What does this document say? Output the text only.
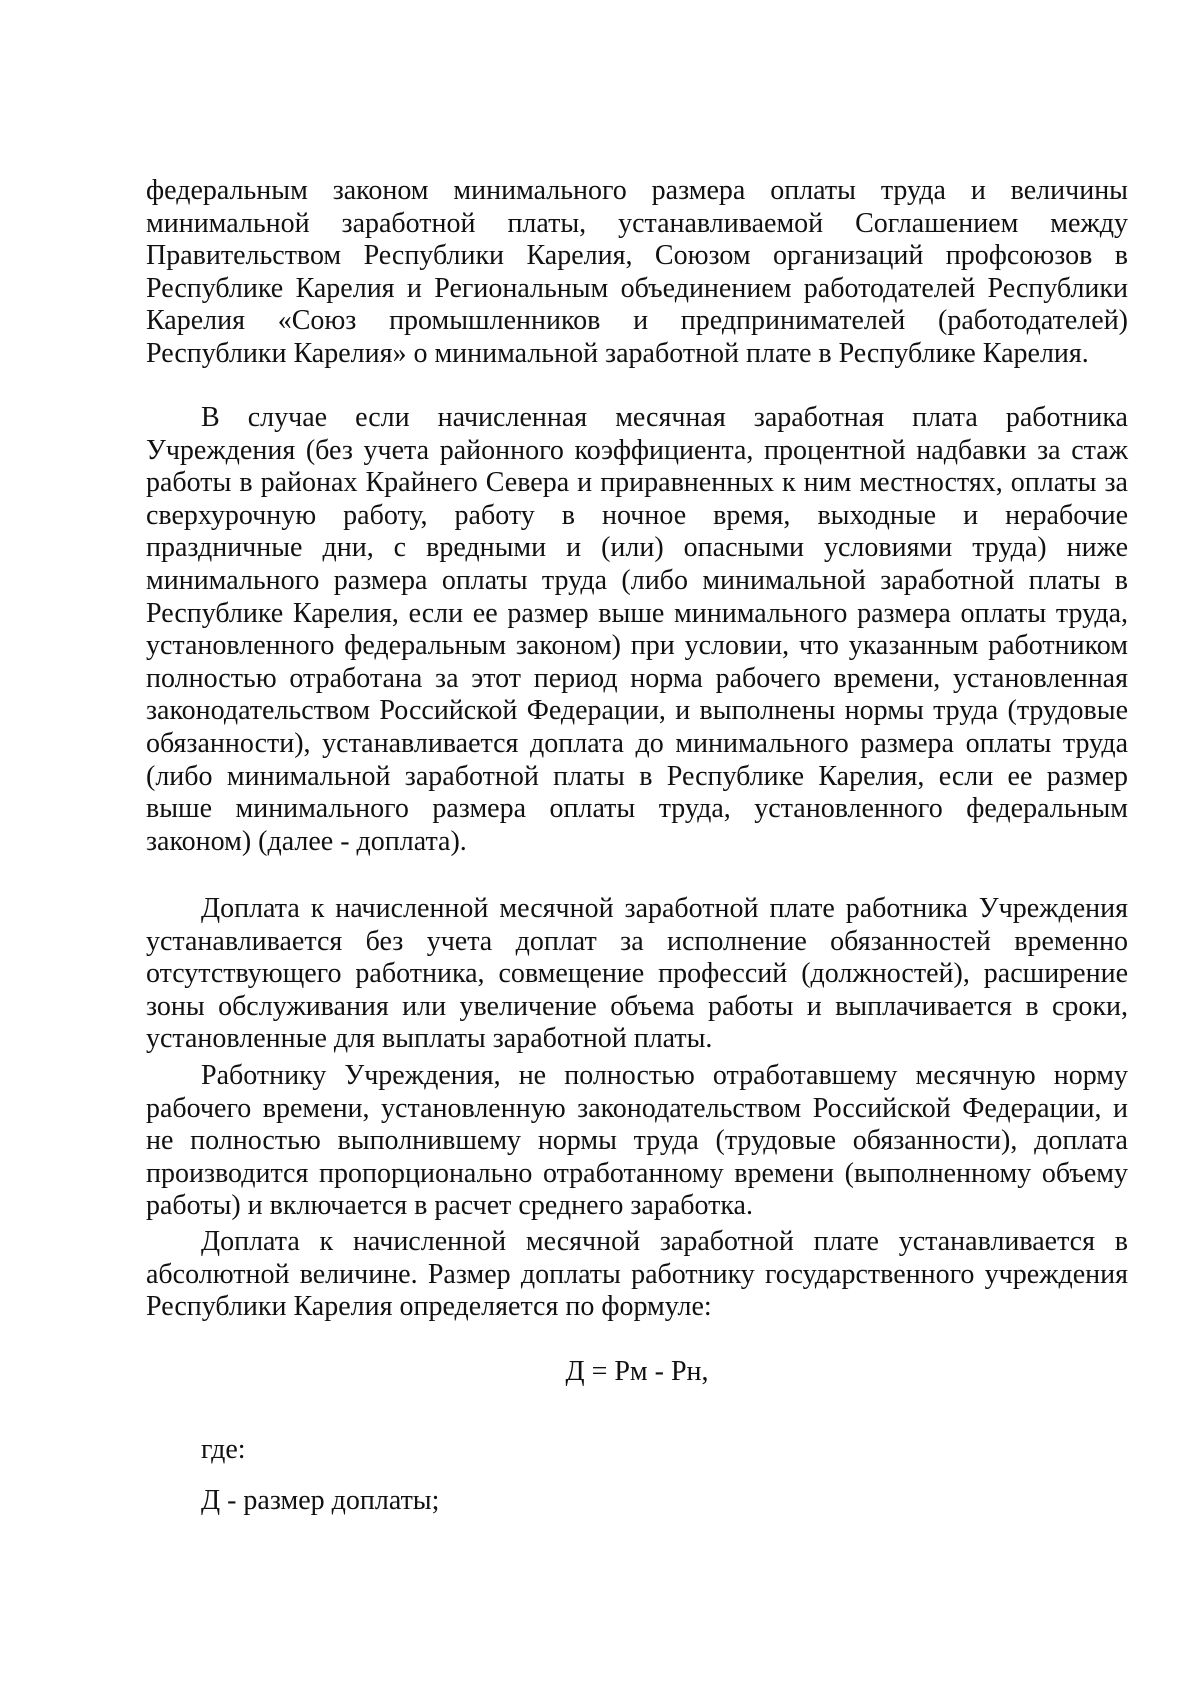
федеральным законом минимального размера оплаты труда и величины минимальной заработной платы, устанавливаемой Соглашением между Правительством Республики Карелия, Союзом организаций профсоюзов в Республике Карелия и Региональным объединением работодателей Республики Карелия «Союз промышленников и предпринимателей (работодателей) Республики Карелия» о минимальной заработной плате в Республике Карелия.

В случае если начисленная месячная заработная плата работника Учреждения (без учета районного коэффициента, процентной надбавки за стаж работы в районах Крайнего Севера и приравненных к ним местностях, оплаты за сверхурочную работу, работу в ночное время, выходные и нерабочие праздничные дни, с вредными и (или) опасными условиями труда) ниже минимального размера оплаты труда (либо минимальной заработной платы в Республике Карелия, если ее размер выше минимального размера оплаты труда, установленного федеральным законом) при условии, что указанным работником полностью отработана за этот период норма рабочего времени, установленная законодательством Российской Федерации, и выполнены нормы труда (трудовые обязанности), устанавливается доплата до минимального размера оплаты труда (либо минимальной заработной платы в Республике Карелия, если ее размер выше минимального размера оплаты труда, установленного федеральным законом) (далее - доплата).

Доплата к начисленной месячной заработной плате работника Учреждения устанавливается без учета доплат за исполнение обязанностей временно отсутствующего работника, совмещение профессий (должностей), расширение зоны обслуживания или увеличение объема работы и выплачивается в сроки, установленные для выплаты заработной платы.

Работнику Учреждения, не полностью отработавшему месячную норму рабочего времени, установленную законодательством Российской Федерации, и не полностью выполнившему нормы труда (трудовые обязанности), доплата производится пропорционально отработанному времени (выполненному объему работы) и включается в расчет среднего заработка.

Доплата к начисленной месячной заработной плате устанавливается в абсолютной величине. Размер доплаты работнику государственного учреждения Республики Карелия определяется по формуле:

Д = Рм - Рн,
где:
Д - размер доплаты;
